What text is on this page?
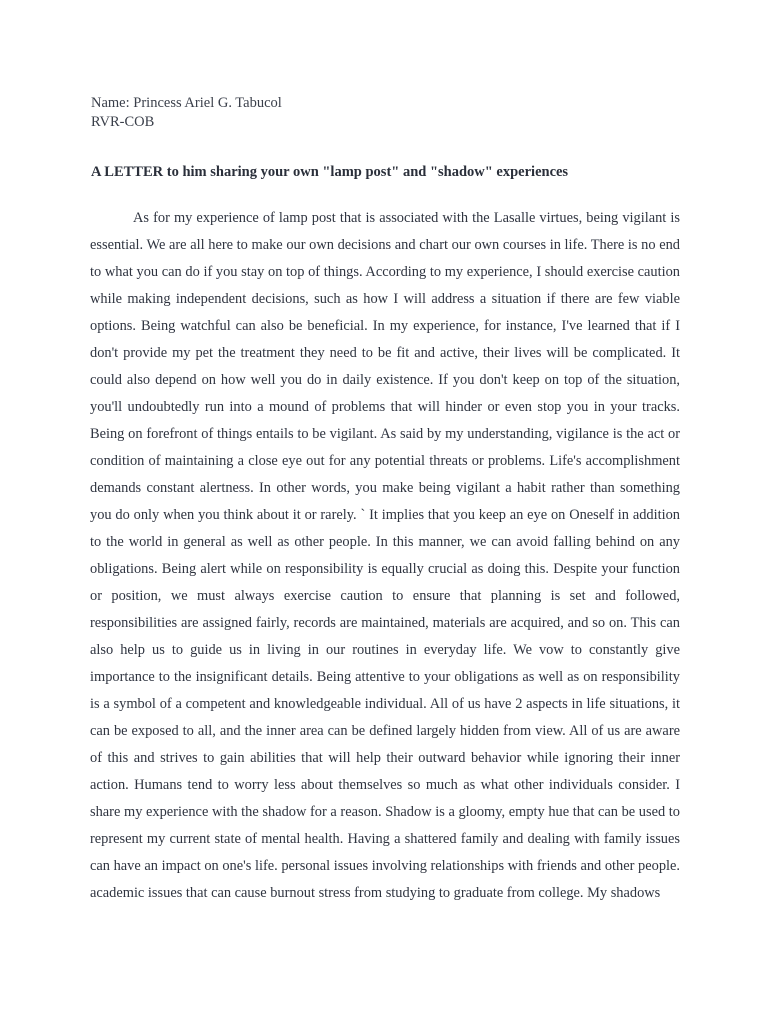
Name: Princess Ariel G. Tabucol
RVR-COB
A LETTER to him sharing your own "lamp post" and "shadow" experiences

As for my experience of lamp post that is associated with the Lasalle virtues, being vigilant is essential. We are all here to make our own decisions and chart our own courses in life. There is no end to what you can do if you stay on top of things. According to my experience, I should exercise caution while making independent decisions, such as how I will address a situation if there are few viable options. Being watchful can also be beneficial. In my experience, for instance, I've learned that if I don't provide my pet the treatment they need to be fit and active, their lives will be complicated. It could also depend on how well you do in daily existence. If you don't keep on top of the situation, you'll undoubtedly run into a mound of problems that will hinder or even stop you in your tracks. Being on forefront of things entails to be vigilant. As said by my understanding, vigilance is the act or condition of maintaining a close eye out for any potential threats or problems. Life's accomplishment demands constant alertness. In other words, you make being vigilant a habit rather than something you do only when you think about it or rarely. ` It implies that you keep an eye on Oneself in addition to the world in general as well as other people. In this manner, we can avoid falling behind on any obligations. Being alert while on responsibility is equally crucial as doing this. Despite your function or position, we must always exercise caution to ensure that planning is set and followed, responsibilities are assigned fairly, records are maintained, materials are acquired, and so on. This can also help us to guide us in living in our routines in everyday life. We vow to constantly give importance to the insignificant details. Being attentive to your obligations as well as on responsibility is a symbol of a competent and knowledgeable individual. All of us have 2 aspects in life situations, it can be exposed to all, and the inner area can be defined largely hidden from view. All of us are aware of this and strives to gain abilities that will help their outward behavior while ignoring their inner action. Humans tend to worry less about themselves so much as what other individuals consider. I share my experience with the shadow for a reason. Shadow is a gloomy, empty hue that can be used to represent my current state of mental health. Having a shattered family and dealing with family issues can have an impact on one's life. personal issues involving relationships with friends and other people. academic issues that can cause burnout stress from studying to graduate from college. My shadows
